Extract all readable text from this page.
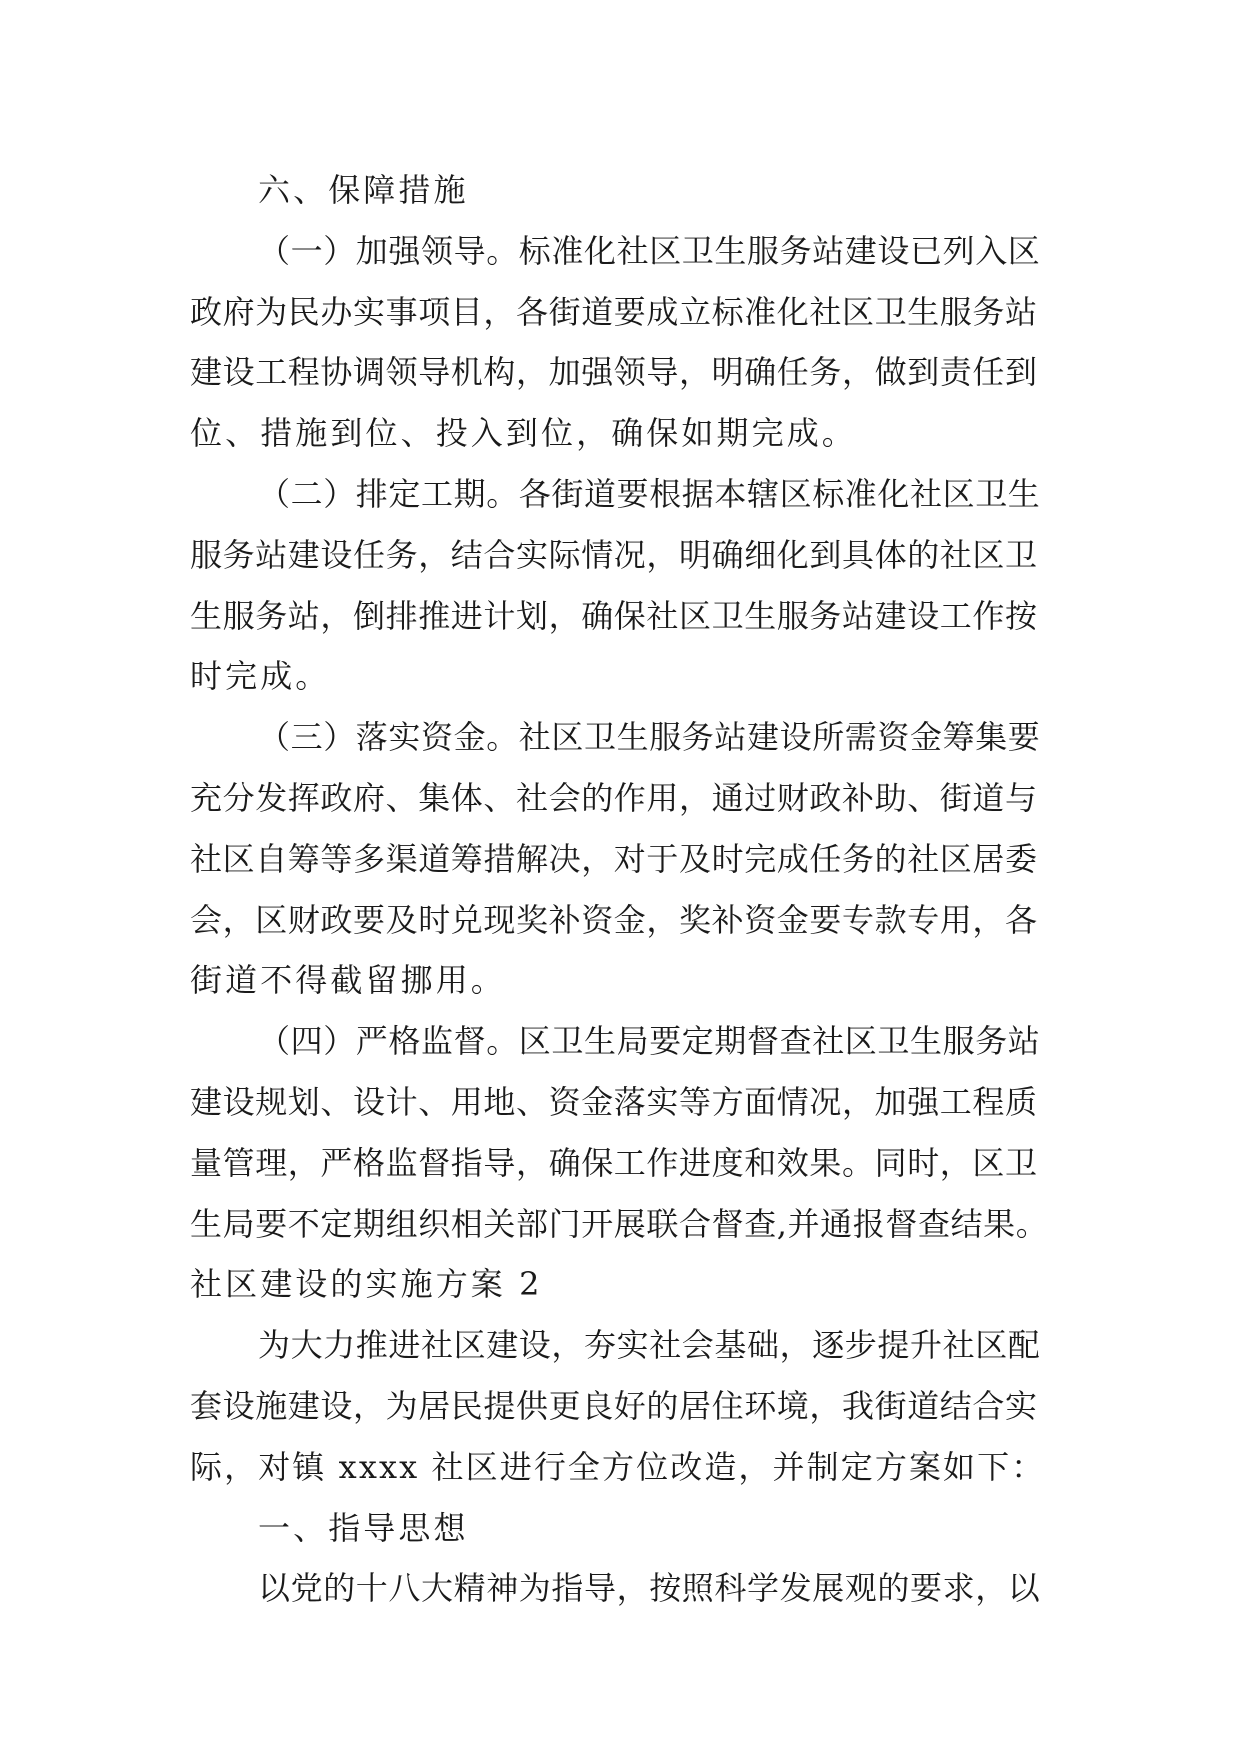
六、保障措施
（一）加强领导。标准化社区卫生服务站建设已列入区
政府为民办实事项目，各街道要成立标准化社区卫生服务站
建设工程协调领导机构，加强领导，明确任务，做到责任到
位、措施到位、投入到位，确保如期完成。
（二）排定工期。各街道要根据本辖区标准化社区卫生
服务站建设任务，结合实际情况，明确细化到具体的社区卫
生服务站，倒排推进计划，确保社区卫生服务站建设工作按
时完成。
（三）落实资金。社区卫生服务站建设所需资金筹集要
充分发挥政府、集体、社会的作用，通过财政补助、街道与
社区自筹等多渠道筹措解决，对于及时完成任务的社区居委
会，区财政要及时兑现奖补资金，奖补资金要专款专用，各
街道不得截留挪用。
（四）严格监督。区卫生局要定期督查社区卫生服务站
建设规划、设计、用地、资金落实等方面情况，加强工程质
量管理，严格监督指导，确保工作进度和效果。同时，区卫
生局要不定期组织相关部门开展联合督查,并通报督查结果。
社区建设的实施方案 2
为大力推进社区建设，夯实社会基础，逐步提升社区配
套设施建设，为居民提供更良好的居住环境，我街道结合实
际，对镇 xxxx 社区进行全方位改造，并制定方案如下：
一、指导思想
以党的十八大精神为指导，按照科学发展观的要求，以
